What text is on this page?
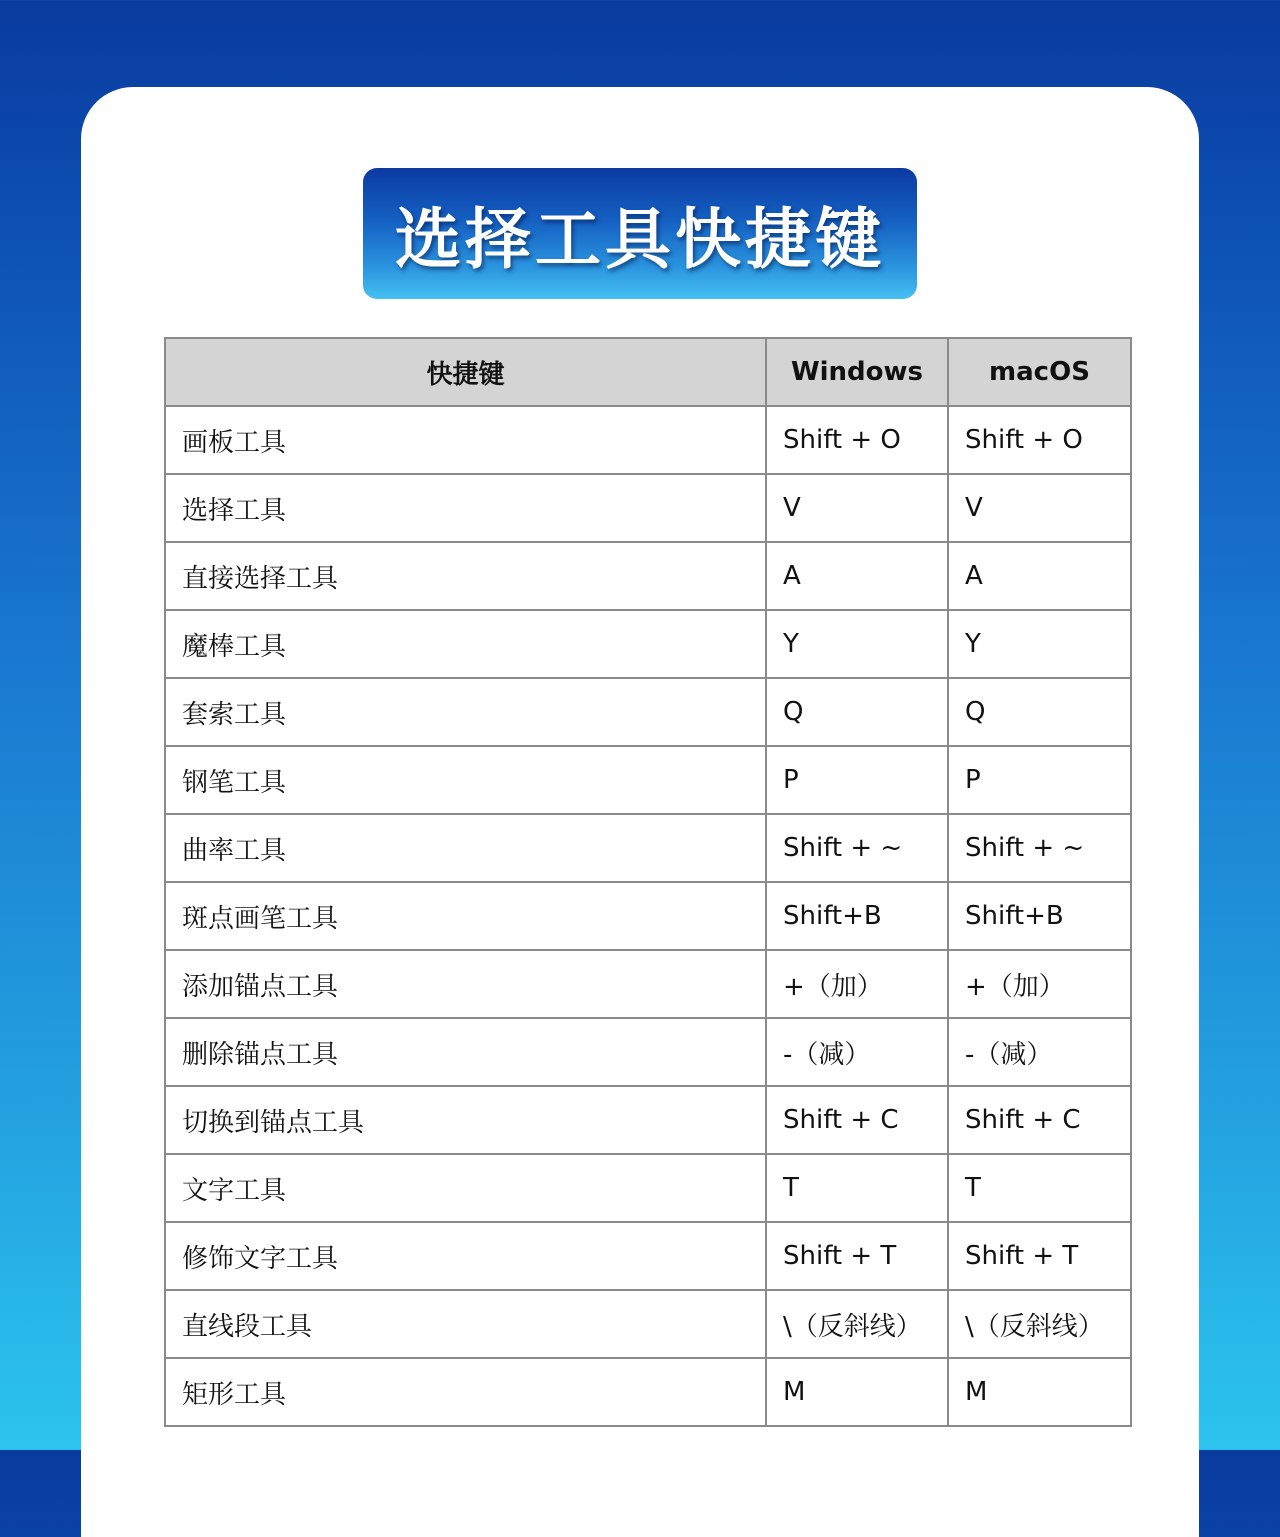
选择工具快捷键
快捷键	Windows	macOS
画板工具	Shift + O	Shift + O
选择工具	V	V
直接选择工具	A	A
魔棒工具	Y	Y
套索工具	Q	Q
钢笔工具	P	P
曲率工具	Shift + ~	Shift + ~
斑点画笔工具	Shift+B	Shift+B
添加锚点工具	+（加）	+（加）
删除锚点工具	-（减）	-（减）
切换到锚点工具	Shift + C	Shift + C
文字工具	T	T
修饰文字工具	Shift + T	Shift + T
直线段工具	\（反斜线）	\（反斜线）
矩形工具	M	M
